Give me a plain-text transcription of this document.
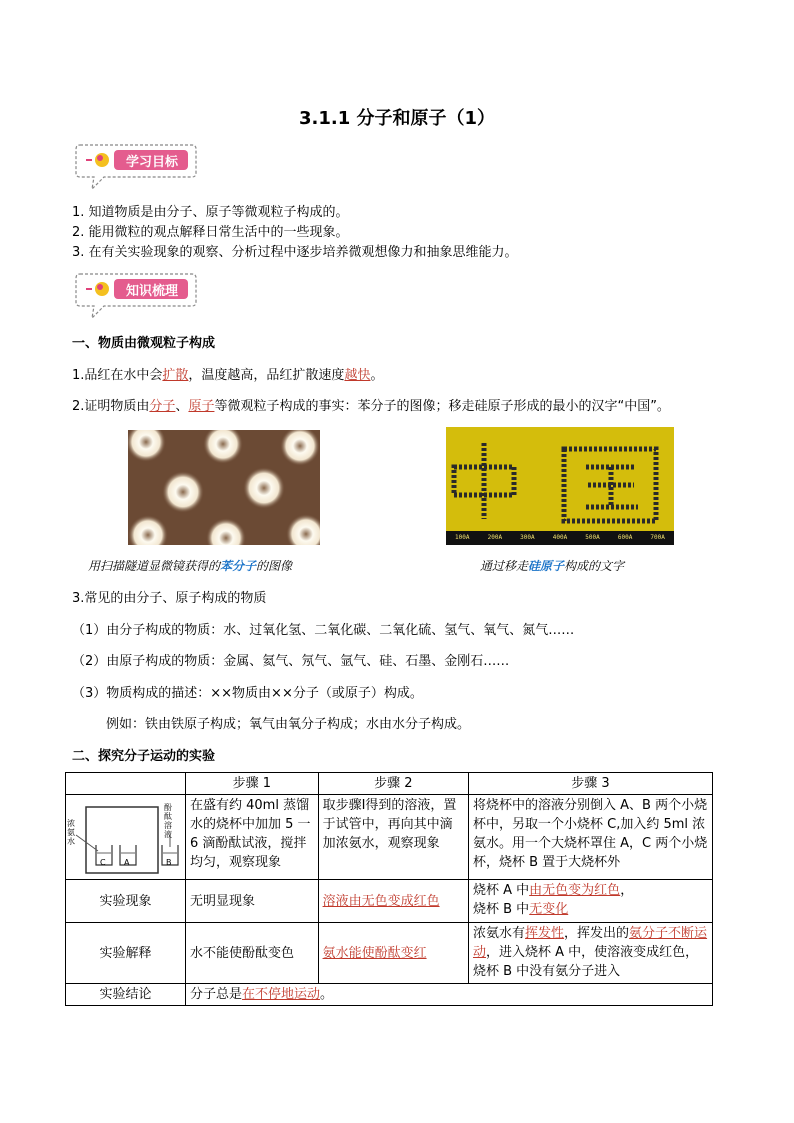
3.1.1 分子和原子（1）
学习目标
1. 知道物质是由分子、原子等微观粒子构成的。
2. 能用微粒的观点解释日常生活中的一些现象。
3. 在有关实验现象的观察、分析过程中逐步培养微观想像力和抽象思维能力。
知识梳理
一、物质由微观粒子构成
1.品红在水中会扩散，温度越高，品红扩散速度越快。
2.证明物质由分子、原子等微观粒子构成的事实：苯分子的图像；移走硅原子形成的最小的汉字“中国”。
100A	200A	300A	400A	500A	600A	700A
用扫描隧道显微镜获得的苯分子的图像	通过移走硅原子构成的文字
3.常见的由分子、原子构成的物质
（1）由分子构成的物质：水、过氧化氢、二氧化碳、二氧化硫、氢气、氧气、氮气……
（2）由原子构成的物质：金属、氦气、氖气、氩气、硅、石墨、金刚石……
（3）物质构成的描述：××物质由××分子（或原子）构成。
例如：铁由铁原子构成；氧气由氧分子构成；水由水分子构成。
二、探究分子运动的实验
	步骤 1	步骤 2	步骤 3

浓氨水
酚酞溶液
C A B	在盛有约 40ml 蒸馏水的烧杯中加加 5 一 6 滴酚酞试液，搅拌均匀，观察现象	取步骤Ⅰ得到的溶液，置于试管中，再向其中滴加浓氨水，观察现象	将烧杯中的溶液分别倒入 A、B 两个小烧杯中，另取一个小烧杯 C,加入约 5ml 浓氨水。用一个大烧杯罩住 A，C 两个小烧杯，烧杯 B 置于大烧杯外
实验现象	无明显现象	溶液由无色变成红色	烧杯 A 中由无色变为红色，
烧杯 B 中无变化
实验解释	水不能使酚酞变色	氨水能使酚酞变红	浓氨水有挥发性，挥发出的氨分子不断运动，进入烧杯 A 中，使溶液变成红色，烧杯 B 中没有氨分子进入
实验结论	分子总是在不停地运动。		
